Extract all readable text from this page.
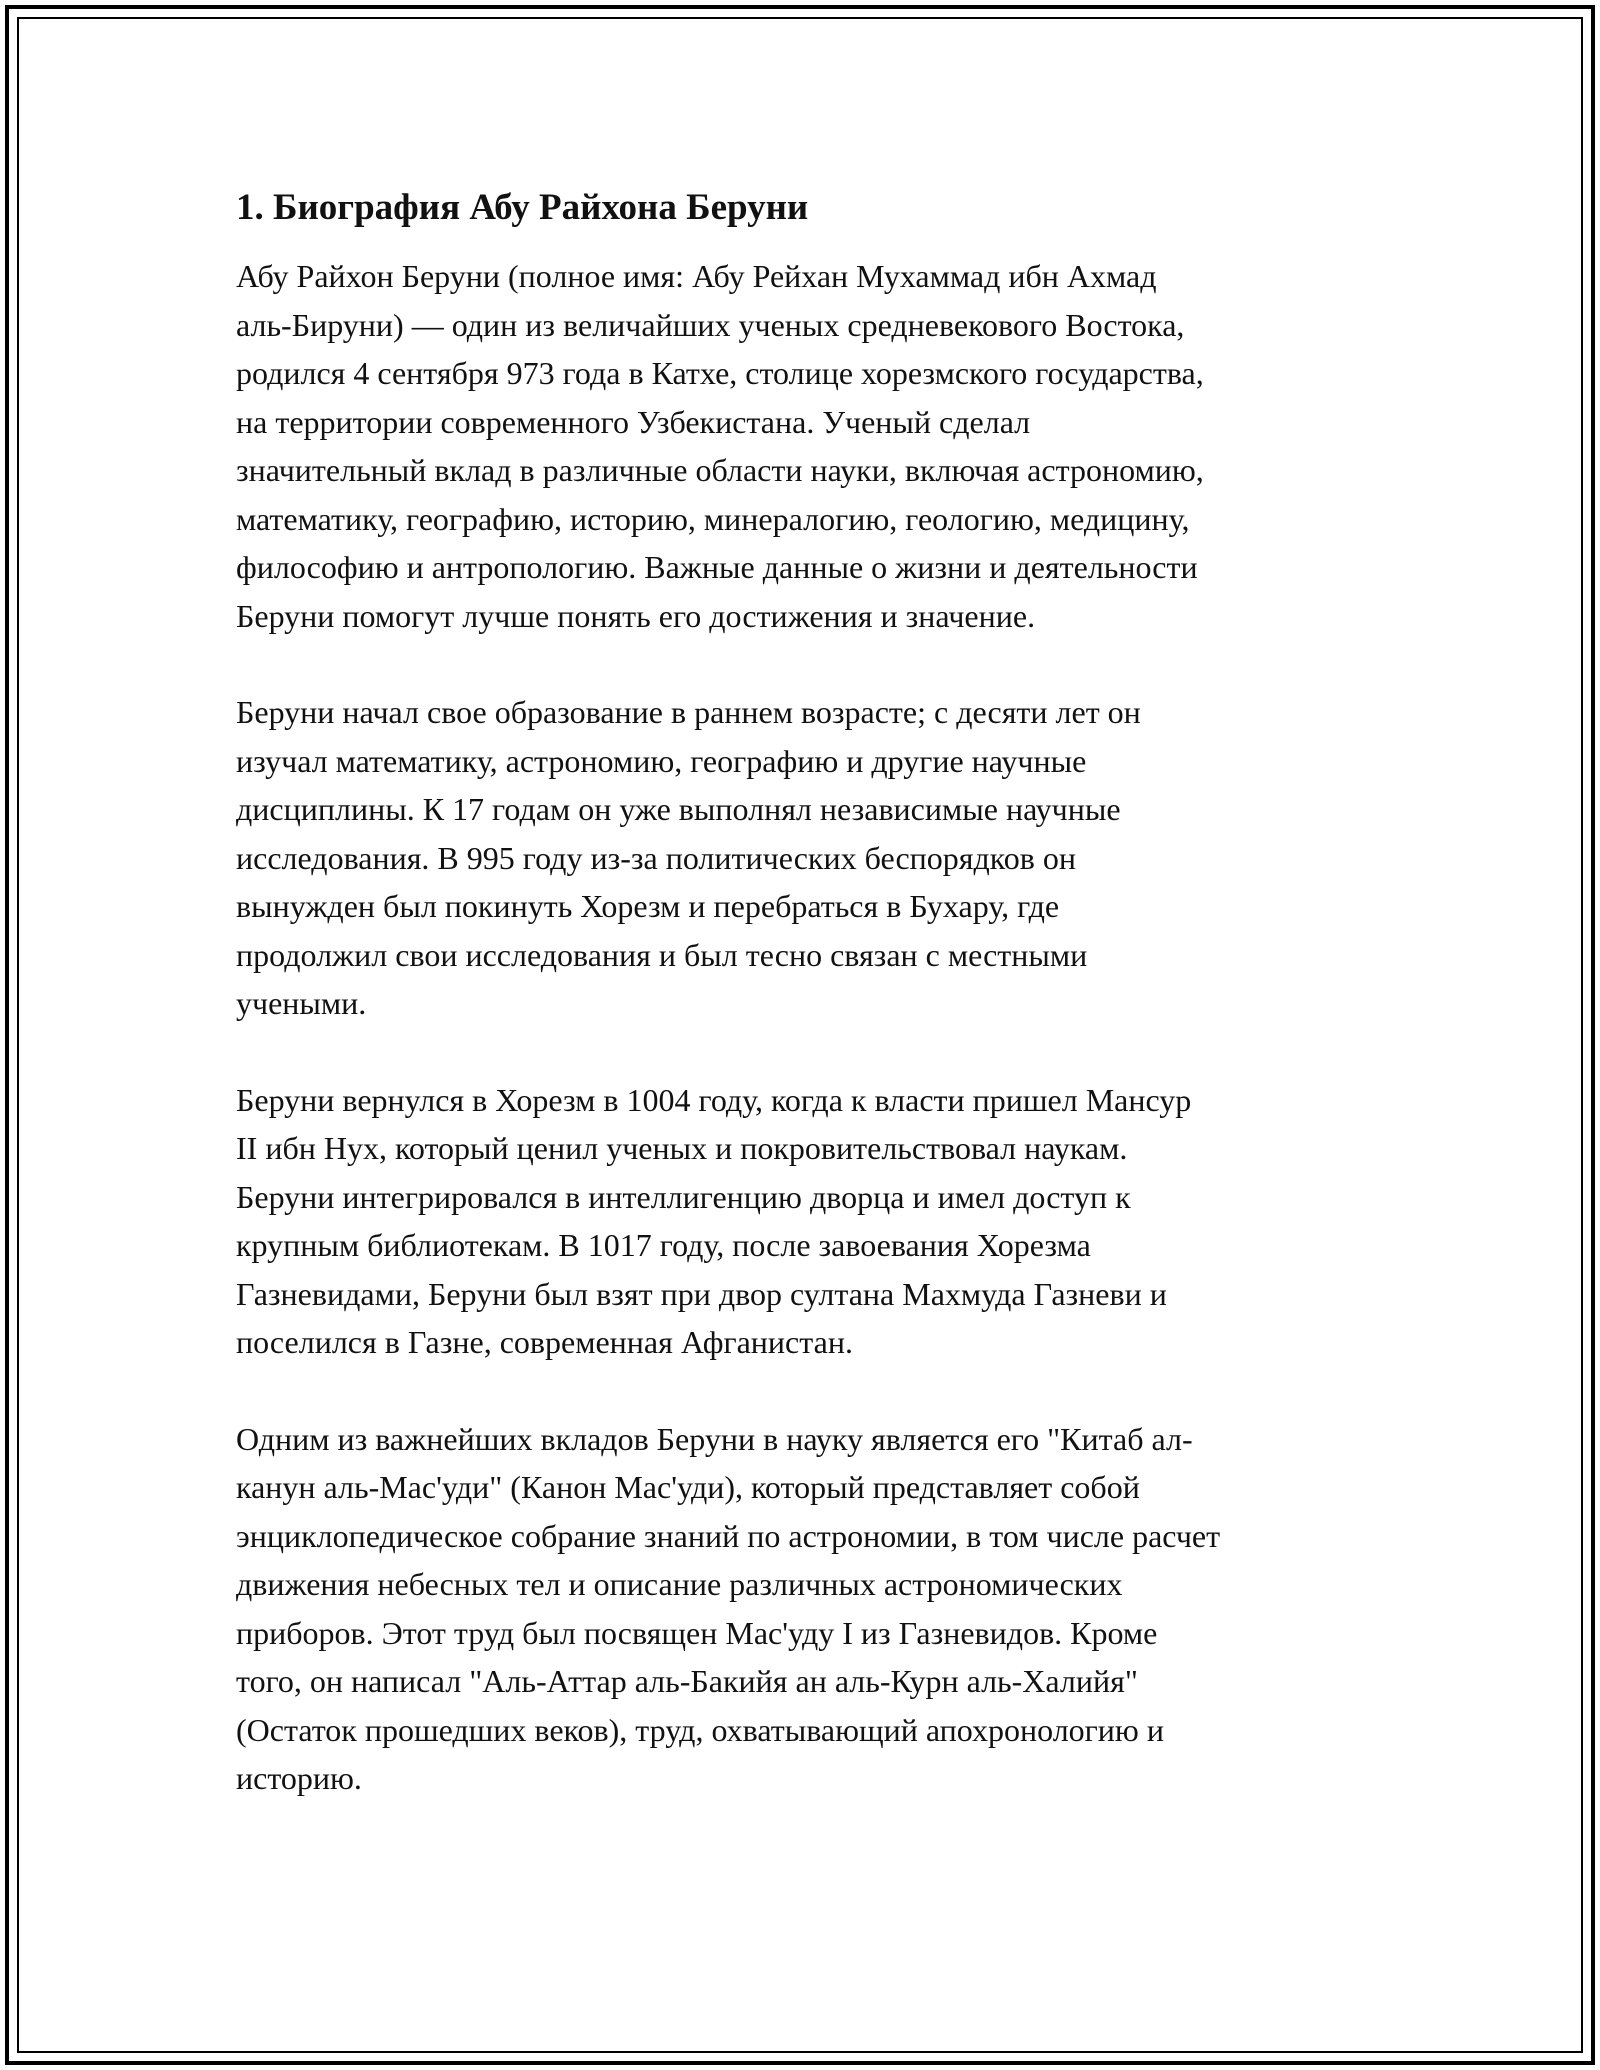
1. Биография Абу Райхона Беруни
Абу Райхон Беруни (полное имя: Абу Рейхан Мухаммад ибн Ахмад
аль-Бируни) — один из величайших ученых средневекового Востока,
родился 4 сентября 973 года в Катхе, столице хорезмского государства,
на территории современного Узбекистана. Ученый сделал
значительный вклад в различные области науки, включая астрономию,
математику, географию, историю, минералогию, геологию, медицину,
философию и антропологию. Важные данные о жизни и деятельности
Беруни помогут лучше понять его достижения и значение.
Беруни начал свое образование в раннем возрасте; с десяти лет он
изучал математику, астрономию, географию и другие научные
дисциплины. К 17 годам он уже выполнял независимые научные
исследования. В 995 году из-за политических беспорядков он
вынужден был покинуть Хорезм и перебраться в Бухару, где
продолжил свои исследования и был тесно связан с местными
учеными.
Беруни вернулся в Хорезм в 1004 году, когда к власти пришел Мансур
II ибн Нух, который ценил ученых и покровительствовал наукам.
Беруни интегрировался в интеллигенцию дворца и имел доступ к
крупным библиотекам. В 1017 году, после завоевания Хорезма
Газневидами, Беруни был взят при двор султана Махмуда Газневи и
поселился в Газне, современная Афганистан.
Одним из важнейших вкладов Беруни в науку является его "Китаб ал-
канун аль-Мас'уди" (Канон Мас'уди), который представляет собой
энциклопедическое собрание знаний по астрономии, в том числе расчет
движения небесных тел и описание различных астрономических
приборов. Этот труд был посвящен Мас'уду I из Газневидов. Кроме
того, он написал "Аль-Аттар аль-Бакийя ан аль-Курн аль-Халийя"
(Остаток прошедших веков), труд, охватывающий апохронологию и
историю.
